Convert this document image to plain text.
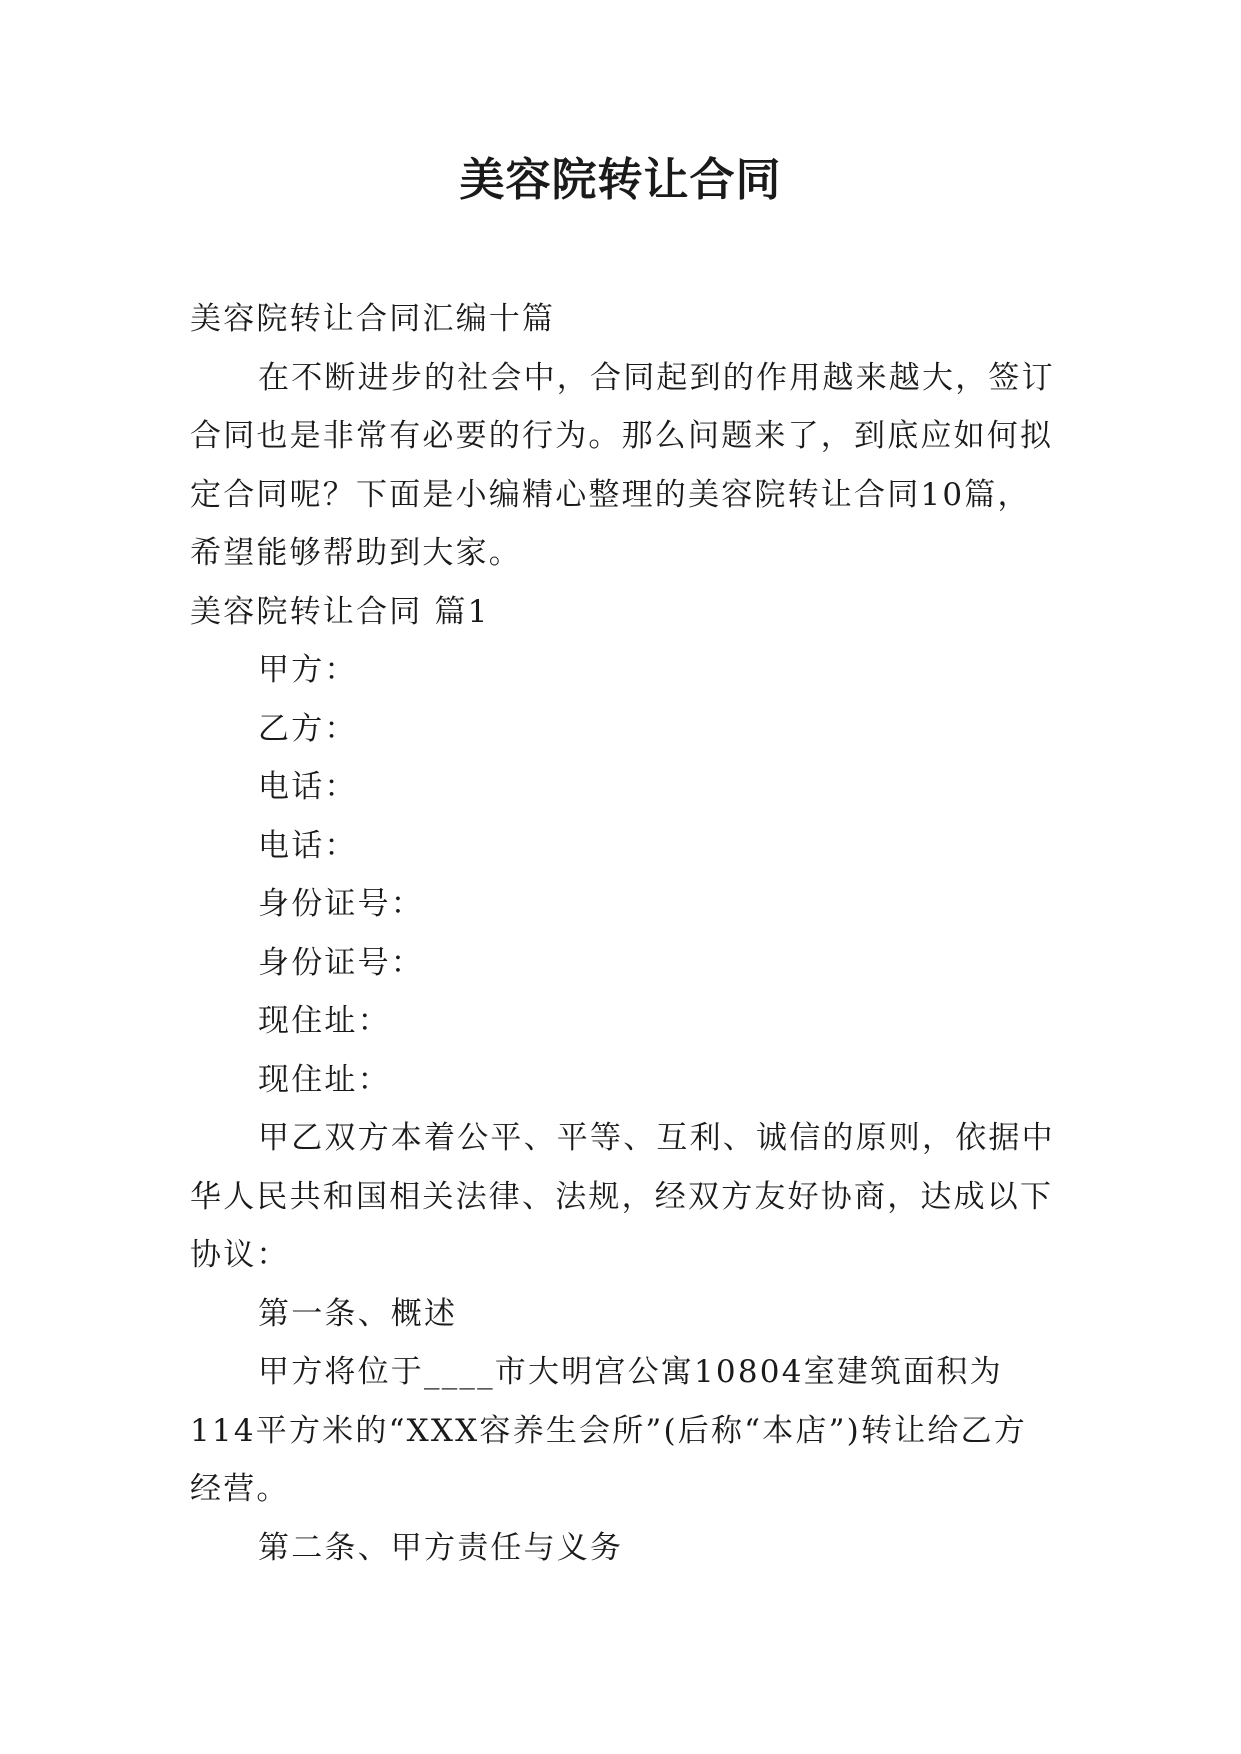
美容院转让合同

美容院转让合同汇编十篇

在不断进步的社会中，合同起到的作用越来越大，签订合同也是非常有必要的行为。那么问题来了，到底应如何拟定合同呢？下面是小编精心整理的美容院转让合同10篇，希望能够帮助到大家。

美容院转让合同 篇1

甲方：

乙方：

电话：

电话：

身份证号：

身份证号：

现住址：

现住址：

甲乙双方本着公平、平等、互利、诚信的原则，依据中华人民共和国相关法律、法规，经双方友好协商，达成以下协议：

第一条、概述

甲方将位于____市大明宫公寓10804室建筑面积为114平方米的“XXX容养生会所”(后称“本店”)转让给乙方经营。

第二条、甲方责任与义务
